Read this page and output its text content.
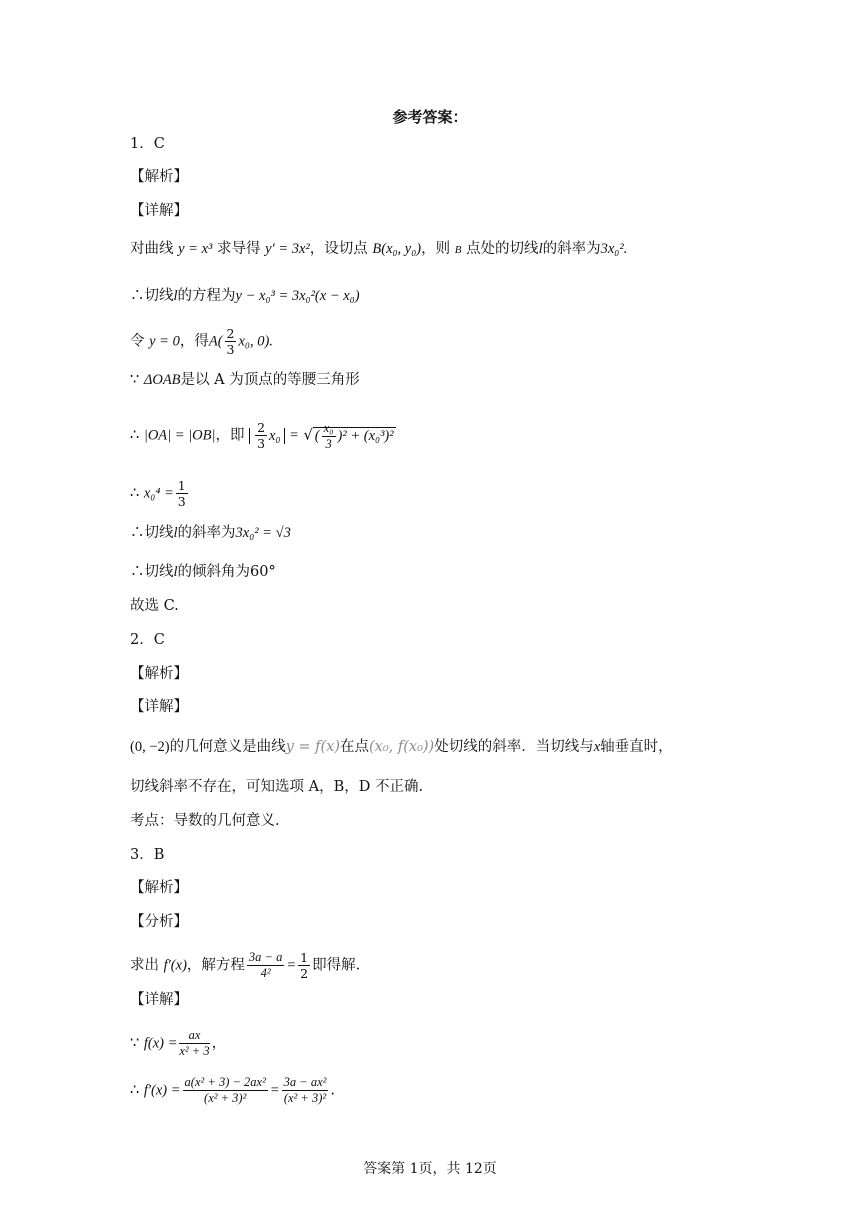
参考答案：
1．C
【解析】
【详解】
对曲线 y = x³ 求导得 y′ = 3x²，设切点 B(x₀, y₀)，则 B 点处的切线l的斜率为3x₀².
∴切线l的方程为y − x₀³ = 3x₀²(x − x₀)
令 y = 0，得$A( \frac{2}{3} x_0$, 0).
∵ ΔOAB是以 A 为顶点的等腰三角形
∴ |OA| = |OB|，即 $\frac{2}{3} x_0$ = √ ( $\frac{\text{x₀}}{3} )^2 + (x_0^3)^2$
∴ $x_0^4 = \frac{1}{3}$
∴切线l的斜率为3x₀² = √3
∴切线l的倾斜角为60°
故选 C.
2．C
【解析】
【详解】
(0, −2)的几何意义是曲线y = f(x)在点(x₀, f(x₀))处切线的斜率．当切线与x轴垂直时，
切线斜率不存在，可知选项 A，B，D 不正确.
考点：导数的几何意义.
3．B
【解析】
【分析】
求出 f′(x)，解方程 $\frac{3a - a}{\text{4²}} = \frac{1}{2}$ 即得解.
【详解】
∵ $f(x) = \frac{ax}{\text{x² + 3}}$ ，
∴ $f'(x) = \frac{\text{a(x² + 3) − 2ax²}}{\text{(x² + 3)²}} = \frac{\text{3a − ax²}}{\text{(x² + 3)²}}$ .
答案第 1页，共 12页
